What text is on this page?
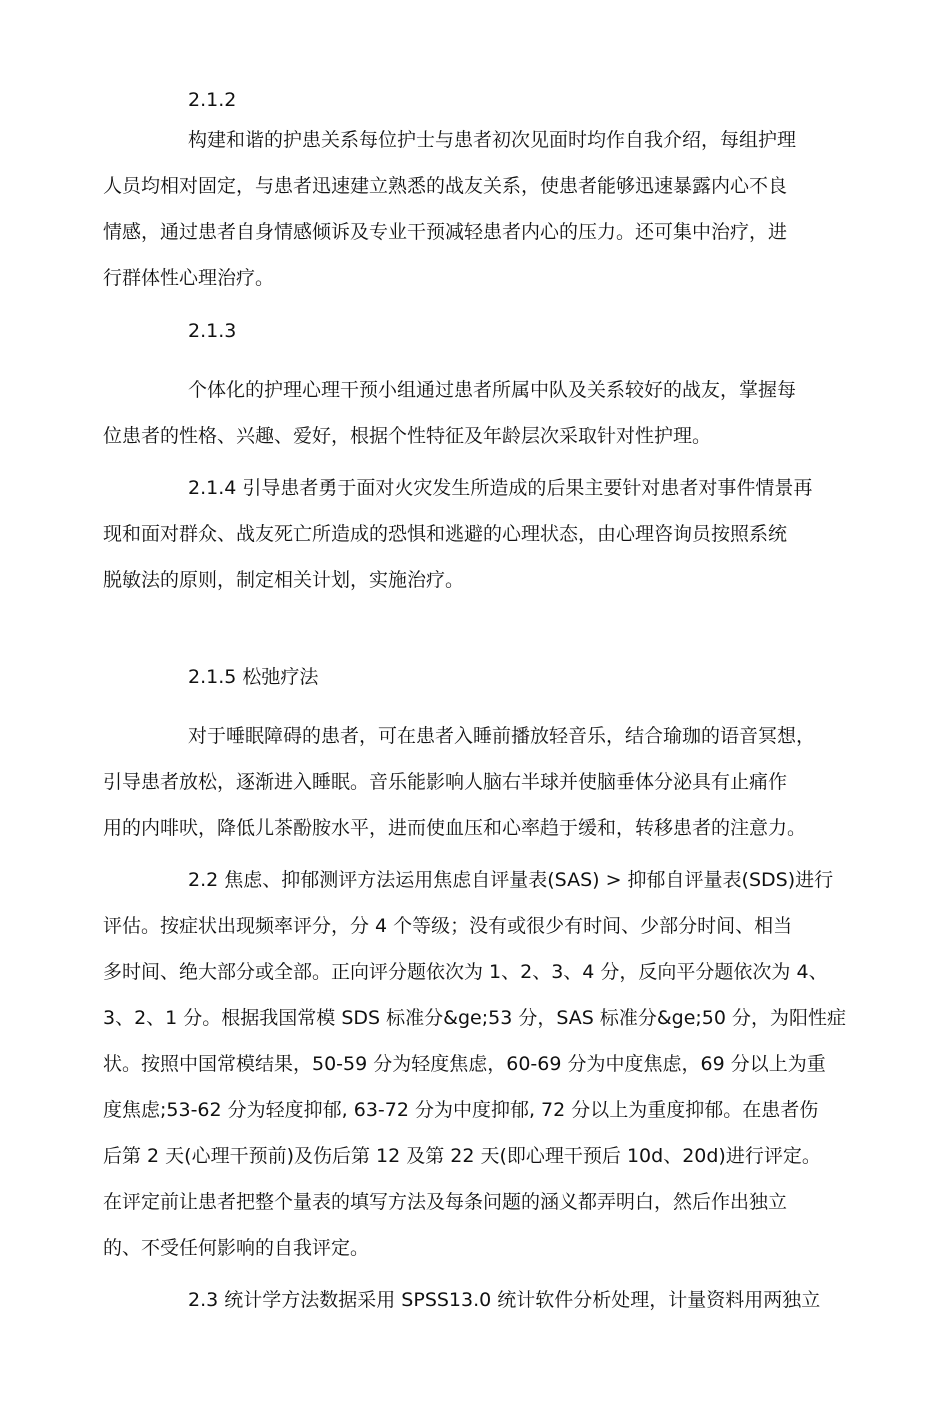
2.1.2
构建和谐的护患关系每位护士与患者初次见面时均作自我介绍，每组护理
人员均相对固定，与患者迅速建立熟悉的战友关系，使患者能够迅速暴露内心不良
情感，通过患者自身情感倾诉及专业干预减轻患者内心的压力。还可集中治疗，进
行群体性心理治疗。
2.1.3
个体化的护理心理干预小组通过患者所属中队及关系较好的战友，掌握每
位患者的性格、兴趣、爱好，根据个性特征及年龄层次采取针对性护理。
2.1.4 引导患者勇于面对火灾发生所造成的后果主要针对患者对事件情景再
现和面对群众、战友死亡所造成的恐惧和逃避的心理状态，由心理咨询员按照系统
脱敏法的原则，制定相关计划，实施治疗。
2.1.5 松弛疗法
对于唾眠障碍的患者，可在患者入睡前播放轻音乐，结合瑜珈的语音冥想，
引导患者放松，逐渐进入睡眠。音乐能影响人脑右半球并使脑垂体分泌具有止痛作
用的内啡吠，降低儿茶酚胺水平，进而使血压和心率趋于缓和，转移患者的注意力。
2.2 焦虑、抑郁测评方法运用焦虑自评量表(SAS) > 抑郁自评量表(SDS)进行
评估。按症状出现频率评分，分 4 个等级；没有或很少有时间、少部分时间、相当
多时间、绝大部分或全部。正向评分题依次为 1、2、3、4 分，反向平分题依次为 4、
3、2、1 分。根据我国常模 SDS 标准分&ge;53 分，SAS 标准分&ge;50 分，为阳性症
状。按照中国常模结果，50-59 分为轻度焦虑，60-69 分为中度焦虑，69 分以上为重
度焦虑;53-62 分为轻度抑郁, 63-72 分为中度抑郁, 72 分以上为重度抑郁。在患者伤
后第 2 天(心理干预前)及伤后第 12 及第 22 天(即心理干预后 10d、20d)进行评定。
在评定前让患者把整个量表的填写方法及每条问题的涵义都弄明白，然后作出独立
的、不受任何影响的自我评定。
2.3 统计学方法数据采用 SPSS13.0 统计软件分析处理，计量资料用两独立
